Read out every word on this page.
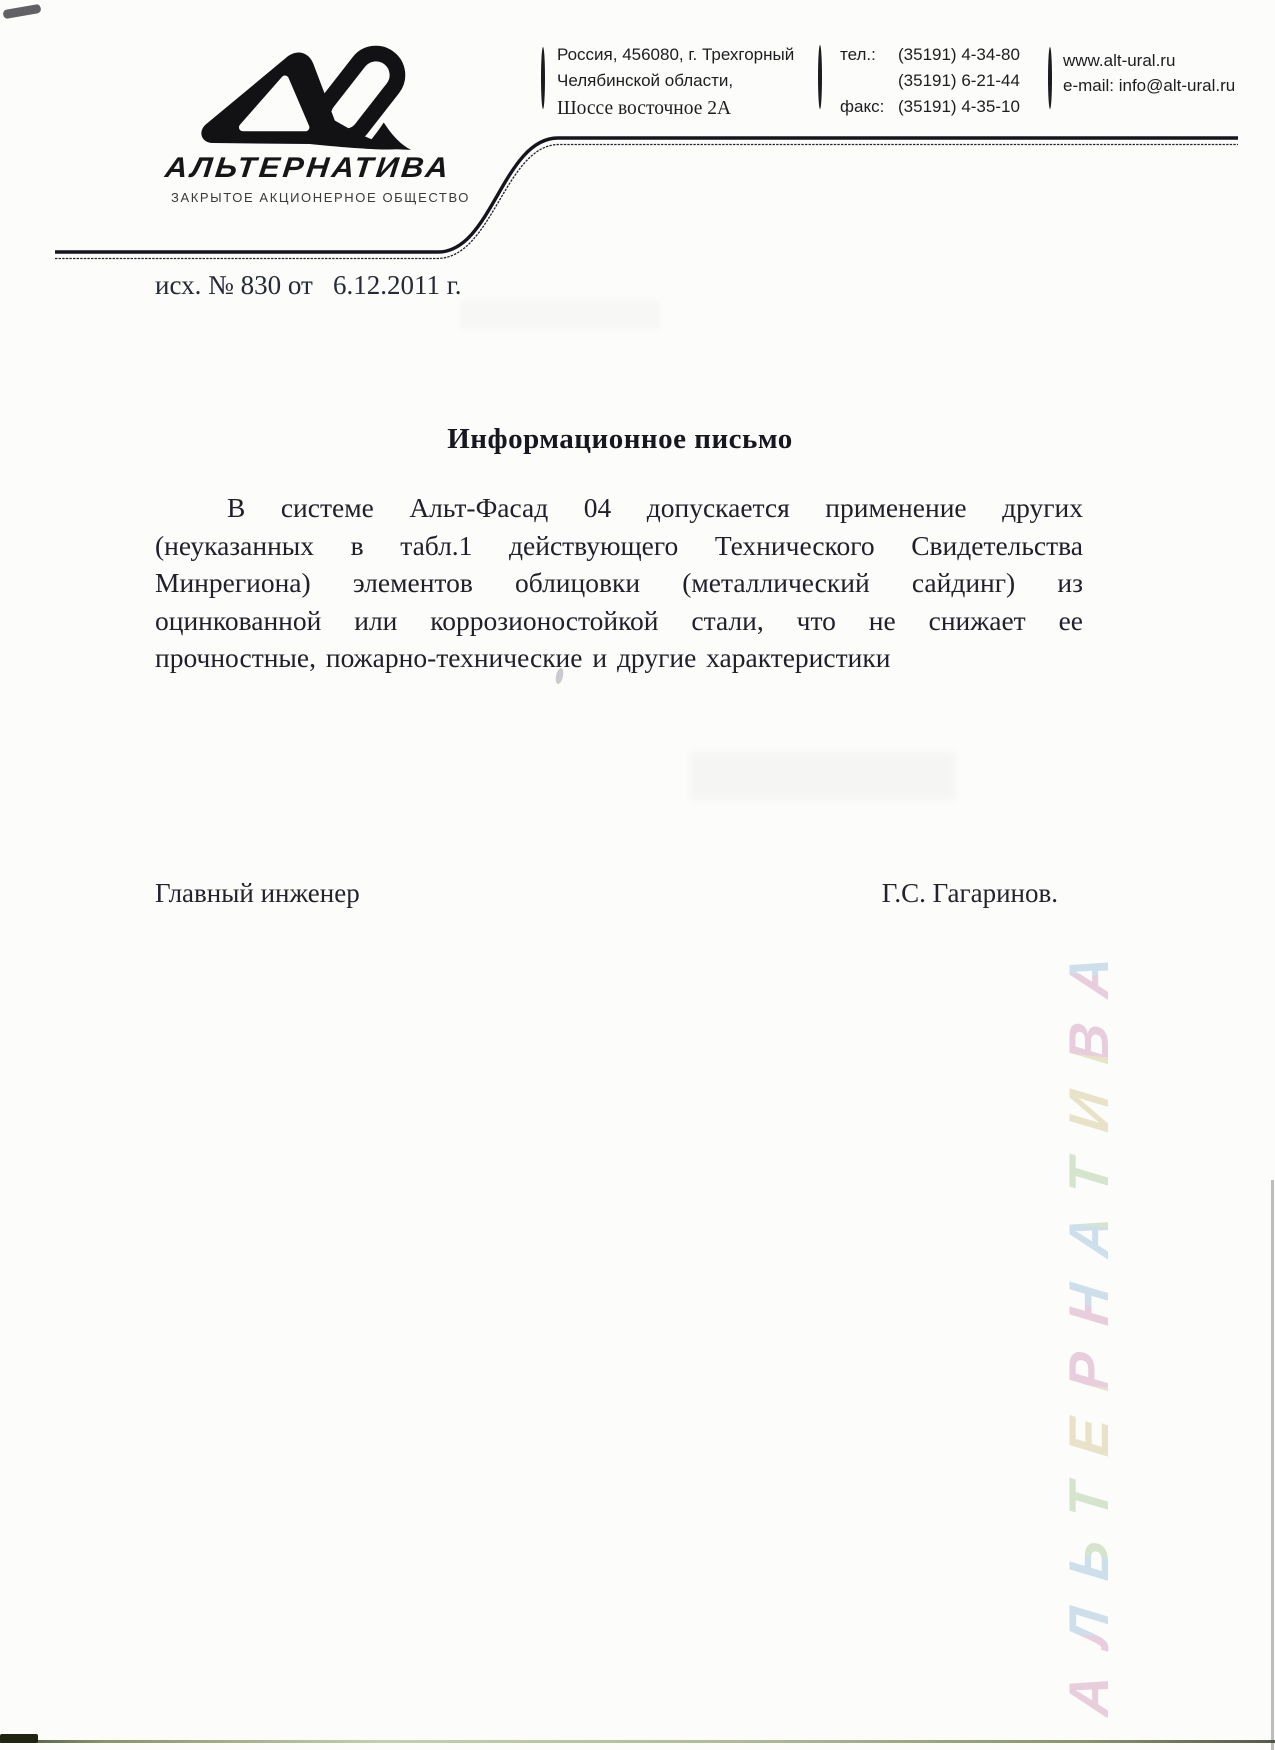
АЛЬТЕРНАТИВА
ЗАКРЫТОЕ АКЦИОНЕРНОЕ ОБЩЕСТВО
Россия, 456080, г. Трехгорный
Челябинской области,
Шоссе восточное 2А
тел.:	(35191) 4-34-80
(35191) 6-21-44
факс: (35191) 4-35-10
www.alt-ural.ru
e-mail: info@alt-ural.ru
исх. № 830 от   6.12.2011 г.
Информационное письмо
В системе Альт-Фасад 04 допускается применение других (неуказанных в табл.1 действующего Технического Свидетельства Минрегиона) элементов облицовки (металлический сайдинг) из оцинкованной или коррозионостойкой стали, что не снижает ее прочностные, пожарно-технические и другие характеристики
Главный инженер	Г.С. Гагаринов.
АЛЬТЕРНАТИВА
